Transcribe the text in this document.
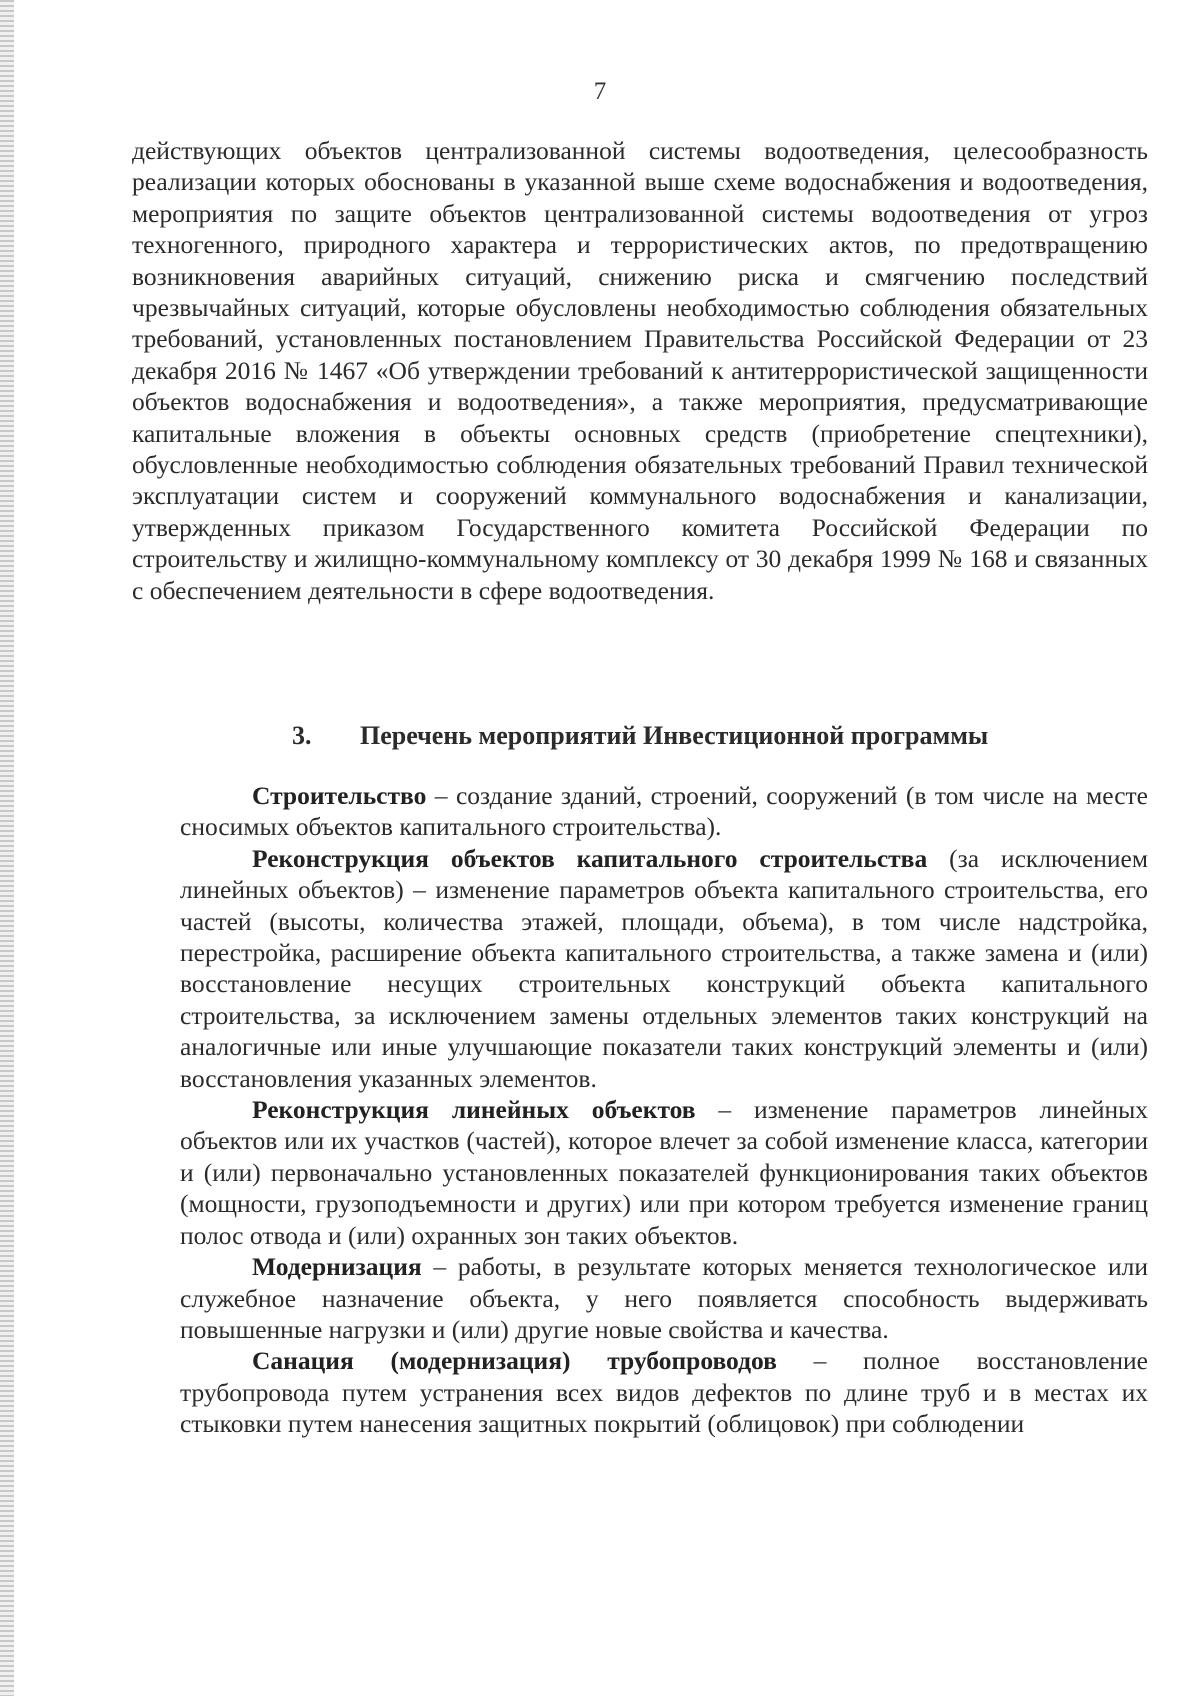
7

действующих объектов централизованной системы водоотведения, целесообразность реализации которых обоснованы в указанной выше схеме водоснабжения и водоотведения, мероприятия по защите объектов централизованной системы водоотведения от угроз техногенного, природного характера и террористических актов, по предотвращению возникновения аварийных ситуаций, снижению риска и смягчению последствий чрезвычайных ситуаций, которые обусловлены необходимостью соблюдения обязательных требований, установленных постановлением Правительства Российской Федерации от 23 декабря 2016 № 1467 «Об утверждении требований к антитеррористической защищенности объектов водоснабжения и водоотведения», а также мероприятия, предусматривающие капитальные вложения в объекты основных средств (приобретение спецтехники), обусловленные необходимостью соблюдения обязательных требований Правил технической эксплуатации систем и сооружений коммунального водоснабжения и канализации, утвержденных приказом Государственного комитета Российской Федерации по строительству и жилищно-коммунальному комплексу от 30 декабря 1999 № 168 и связанных с обеспечением деятельности в сфере водоотведения.

3. Перечень мероприятий Инвестиционной программы

Строительство – создание зданий, строений, сооружений (в том числе на месте сносимых объектов капитального строительства).

Реконструкция объектов капитального строительства (за исключением линейных объектов) – изменение параметров объекта капитального строительства, его частей (высоты, количества этажей, площади, объема), в том числе надстройка, перестройка, расширение объекта капитального строительства, а также замена и (или) восстановление несущих строительных конструкций объекта капитального строительства, за исключением замены отдельных элементов таких конструкций на аналогичные или иные улучшающие показатели таких конструкций элементы и (или) восстановления указанных элементов.

Реконструкция линейных объектов – изменение параметров линейных объектов или их участков (частей), которое влечет за собой изменение класса, категории и (или) первоначально установленных показателей функционирования таких объектов (мощности, грузоподъемности и других) или при котором требуется изменение границ полос отвода и (или) охранных зон таких объектов.

Модернизация – работы, в результате которых меняется технологическое или служебное назначение объекта, у него появляется способность выдерживать повышенные нагрузки и (или) другие новые свойства и качества.

Санация (модернизация) трубопроводов – полное восстановление трубопровода путем устранения всех видов дефектов по длине труб и в местах их стыковки путем нанесения защитных покрытий (облицовок) при соблюдении
